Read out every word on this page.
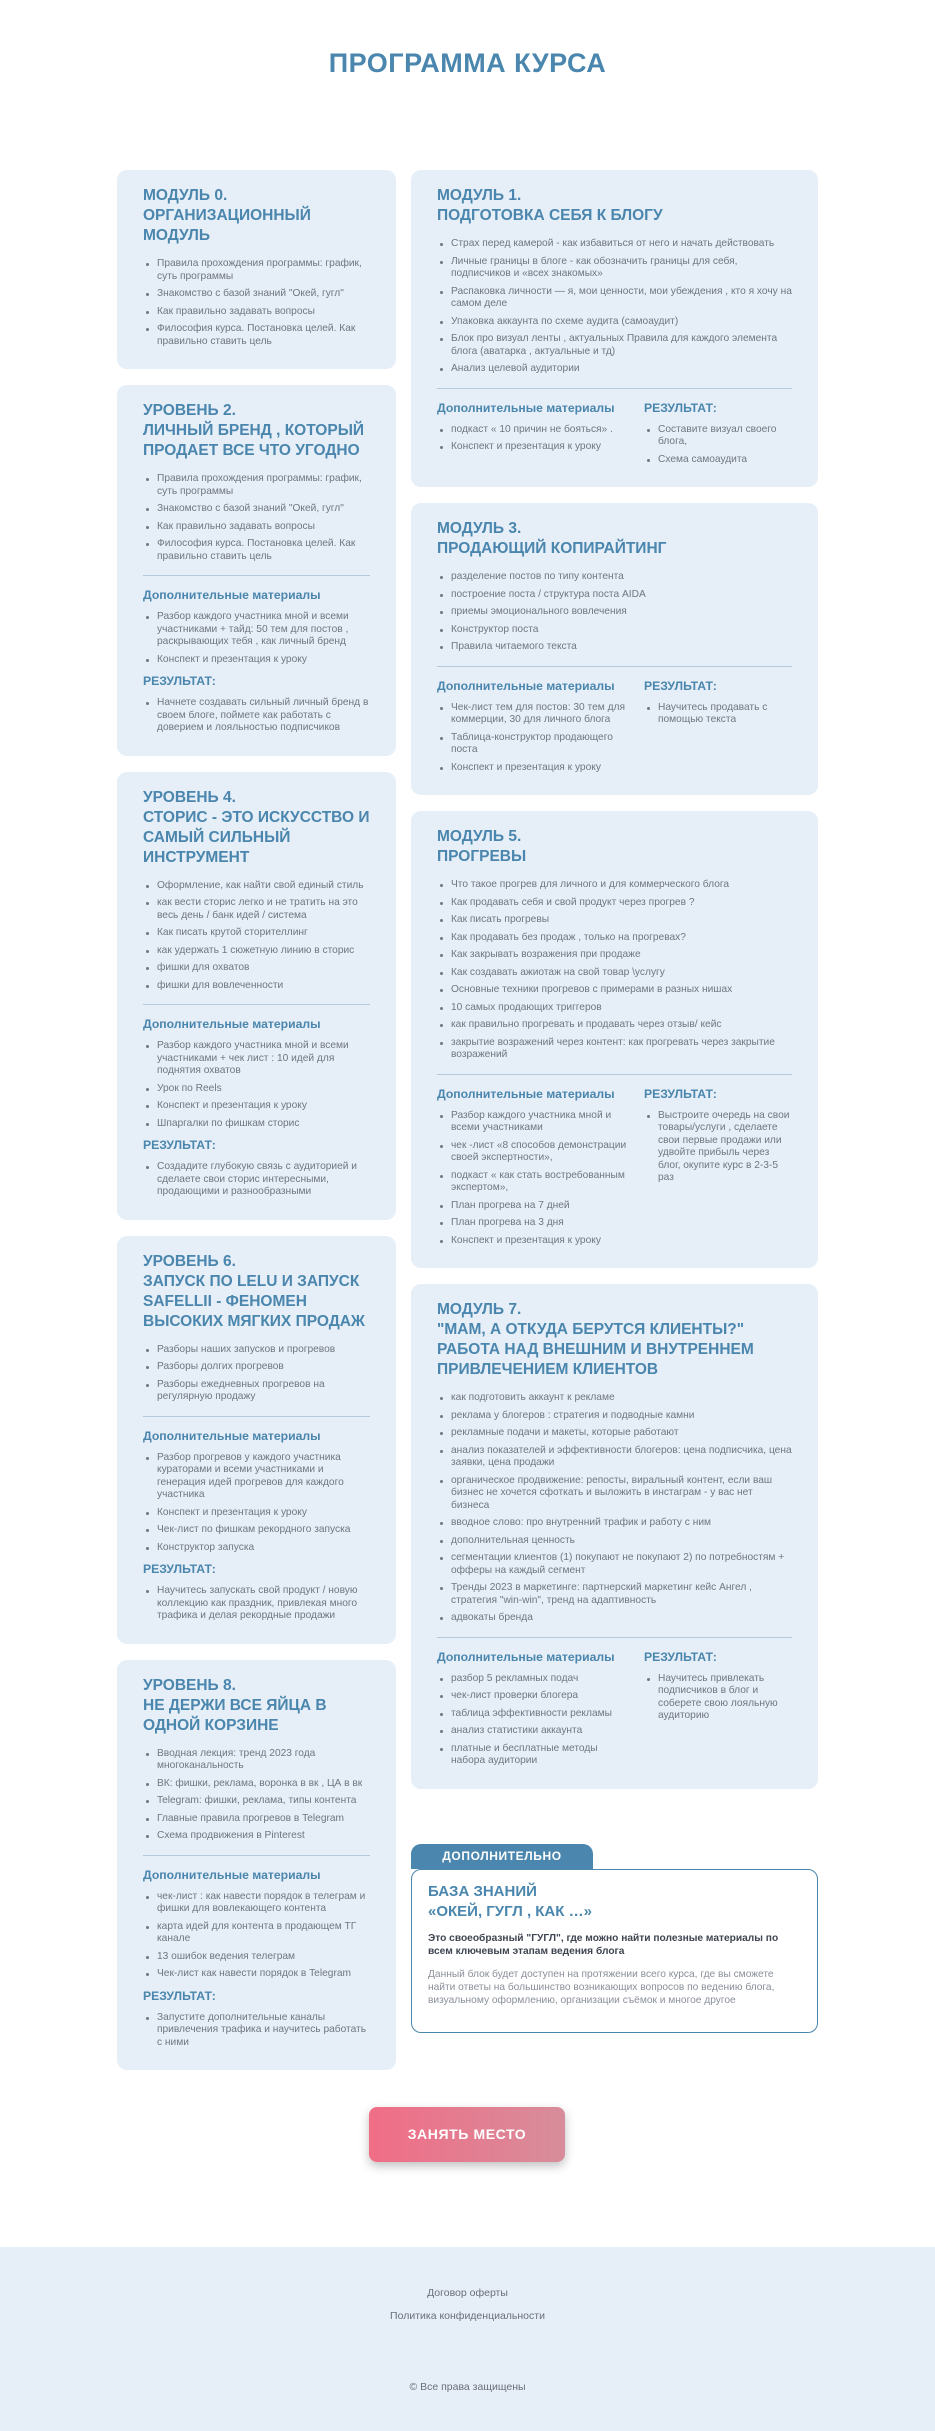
ПРОГРАММА КУРСА
МОДУЛЬ 0.
ОРГАНИЗАЦИОННЫЙ МОДУЛЬ
Правила прохождения программы: график, суть программы
Знакомство с базой знаний "Окей, гугл"
Как правильно задавать вопросы
Философия курса. Постановка целей. Как правильно ставить цель
УРОВЕНЬ 2.
ЛИЧНЫЙ БРЕНД , КОТОРЫЙ ПРОДАЕТ ВСЕ ЧТО УГОДНО
Правила прохождения программы: график, суть программы
Знакомство с базой знаний "Окей, гугл"
Как правильно задавать вопросы
Философия курса. Постановка целей. Как правильно ставить цель
Дополнительные материалы
Разбор каждого участника мной и всеми участниками + тайд: 50 тем для постов , раскрывающих тебя , как личный бренд
Конспект и презентация к уроку
РЕЗУЛЬТАТ:
Начнете создавать сильный личный бренд в своем блоге, поймете как работать с доверием и лояльностью подписчиков
УРОВЕНЬ 4.
СТОРИС - ЭТО ИСКУССТВО И САМЫЙ СИЛЬНЫЙ ИНСТРУМЕНТ
Оформление, как найти свой единый стиль
как вести сторис легко и не тратить на это весь день / банк идей / система
Как писать крутой сторителлинг
как удержать 1 сюжетную линию в сторис
фишки для охватов
фишки для вовлеченности
Дополнительные материалы
Разбор каждого участника мной и всеми участниками + чек лист : 10 идей для поднятия охватов
Урок по Reels
Конспект и презентация к уроку
Шпаргалки по фишкам сторис
РЕЗУЛЬТАТ:
Создадите глубокую связь с аудиторией и сделаете свои сторис интересными, продающими и разнообразными
УРОВЕНЬ 6.
ЗАПУСК ПО LELU И ЗАПУСК SAFELLII - ФЕНОМЕН ВЫСОКИХ МЯГКИХ ПРОДАЖ
Разборы наших запусков и прогревов
Разборы долгих прогревов
Разборы ежедневных прогревов на регулярную продажу
Дополнительные материалы
Разбор прогревов у каждого участника кураторами и всеми участниками и генерация идей прогревов для каждого участника
Конспект и презентация к уроку
Чек-лист по фишкам рекордного запуска
Конструктор запуска
РЕЗУЛЬТАТ:
Научитесь запускать свой продукт / новую коллекцию как праздник, привлекая много трафика и делая рекордные продажи
УРОВЕНЬ 8.
НЕ ДЕРЖИ ВСЕ ЯЙЦА В ОДНОЙ КОРЗИНЕ
Вводная лекция: тренд 2023 года многоканальность
ВК: фишки, реклама, воронка в вк , ЦА в вк
Telegram: фишки, реклама, типы контента
Главные правила прогревов в Telegram
Схема продвижения в Pinterest
Дополнительные материалы
чек-лист : как навести порядок в телеграм и фишки для вовлекающего контента
карта идей для контента в продающем ТГ канале
13 ошибок ведения телеграм
Чек-лист как навести порядок в Telegram
РЕЗУЛЬТАТ:
Запустите дополнительные каналы привлечения трафика и научитесь работать с ними
МОДУЛЬ 1.
ПОДГОТОВКА СЕБЯ К БЛОГУ
Страх перед камерой - как избавиться от него и начать действовать
Личные границы в блоге - как обозначить границы для себя, подписчиков и «всех знакомых»
Распаковка личности — я, мои ценности, мои убеждения , кто я хочу на самом деле
Упаковка аккаунта по схеме аудита (самоаудит)
Блок про визуал ленты , актуальных Правила для каждого элемента блога (аватарка , актуальные и тд)
Анализ целевой аудитории
Дополнительные материалы
подкаст « 10 причин не бояться» .
Конспект и презентация к уроку
РЕЗУЛЬТАТ:
Составите визуал своего блога,
Схема самоаудита
МОДУЛЬ 3.
ПРОДАЮЩИЙ КОПИРАЙТИНГ
разделение постов по типу контента
построение поста / структура поста AIDA
приемы эмоционального вовлечения
Конструктор поста
Правила читаемого текста
Дополнительные материалы
Чек-лист тем для постов: 30 тем для коммерции, 30 для личного блога
Таблица-конструктор продающего поста
Конспект и презентация к уроку
РЕЗУЛЬТАТ:
Научитесь продавать с помощью текста
МОДУЛЬ 5.
ПРОГРЕВЫ
Что такое прогрев для личного и для коммерческого блога
Как продавать себя и свой продукт через прогрев ?
Как писать прогревы
Как продавать без продаж , только на прогревах?
Как закрывать возражения при продаже
Как создавать ажиотаж на свой товар \услугу
Основные техники прогревов с примерами в разных нишах
10 самых продающих триггеров
как правильно прогревать и продавать через отзыв/ кейс
закрытие возражений через контент: как прогревать через закрытие возражений
Дополнительные материалы
Разбор каждого участника мной и всеми участниками
чек -лист «8 способов демонстрации своей экспертности»,
подкаст « как стать востребованным экспертом»,
План прогрева на 7 дней
План прогрева на 3 дня
Конспект и презентация к уроку
РЕЗУЛЬТАТ:
Выстроите очередь на свои товары/услуги , сделаете свои первые продажи или удвойте прибыль через блог, окупите курс в 2-3-5 раз
МОДУЛЬ 7.
"МАМ, А ОТКУДА БЕРУТСЯ КЛИЕНТЫ?"
РАБОТА НАД ВНЕШНИМ И ВНУТРЕННЕМ ПРИВЛЕЧЕНИЕМ КЛИЕНТОВ
как подготовить аккаунт к рекламе
реклама у блогеров : стратегия и подводные камни
рекламные подачи и макеты, которые работают
анализ показателей и эффективности блогеров: цена подписчика, цена заявки, цена продажи
органическое продвижение: репосты, виральный контент, если ваш бизнес не хочется сфоткать и выложить в инстаграм - у вас нет бизнеса
вводное слово: про внутренний трафик и работу с ним
дополнительная ценность
сегментации клиентов (1) покупают не покупают 2) по потребностям + офферы на каждый сегмент
Тренды 2023 в маркетинге: партнерский маркетинг кейс Ангел , стратегия "win-win", тренд на адаптивность
адвокаты бренда
Дополнительные материалы
разбор 5 рекламных подач
чек-лист проверки блогера
таблица эффективности рекламы
анализ статистики аккаунта
платные и бесплатные методы набора аудитории
РЕЗУЛЬТАТ:
Научитесь привлекать подписчиков в блог и соберете свою лояльную аудиторию
ДОПОЛНИТЕЛЬНО
БАЗА ЗНАНИЙ
«ОКЕЙ, ГУГЛ , КАК …»
Это своеобразный "ГУГЛ", где можно найти полезные материалы по всем ключевым этапам ведения блога
Данный блок будет доступен на протяжении всего курса, где вы сможете найти ответы на большинство возникающих вопросов по ведению блога, визуальному оформлению, организации съёмок и многое другое
ЗАНЯТЬ МЕСТО
Договор оферты
Политика конфиденциальности
© Все права защищены
